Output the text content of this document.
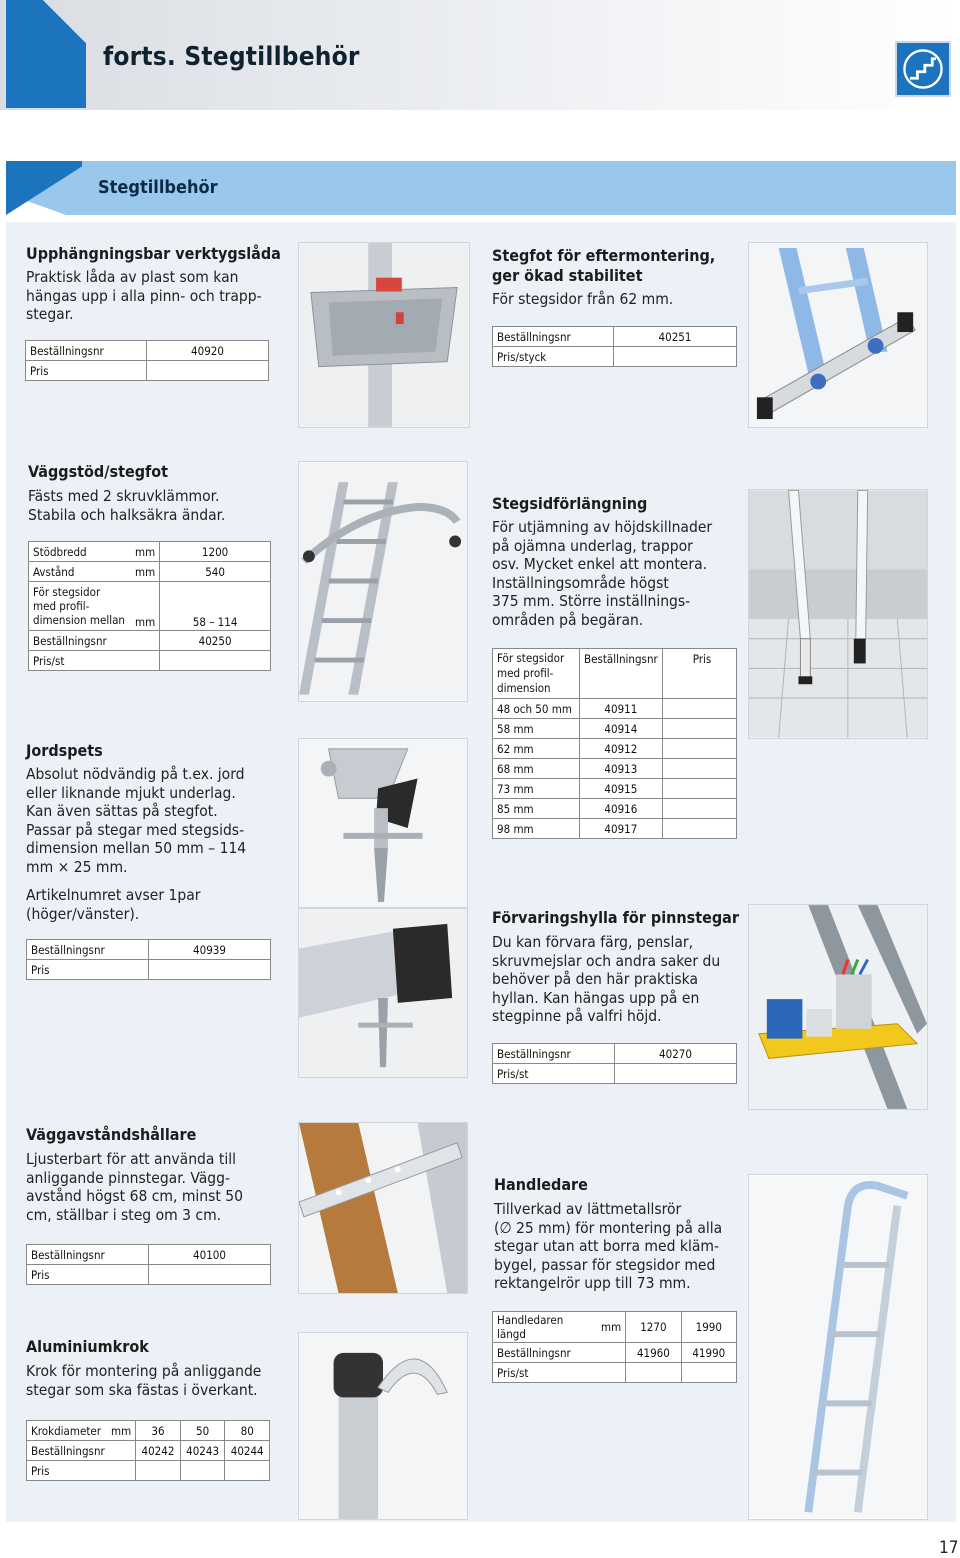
forts. Stegtillbehör
Stegtillbehör
Upphängningsbar verktygslåda
Praktisk låda av plast som kan
hängas upp i alla pinn- och trapp-
stegar.
Beställningsnr	40920
Pris	
Stegfot för eftermontering,
ger ökad stabilitet
För stegsidor från 62 mm.
Beställningsnr	40251
Pris/styck	
Väggstöd/stegfot
Fästs med 2 skruvklämmor.
Stabila och halksäkra ändar.
Stödbredd	mm	1200
Avstånd	mm	540

För stegsidor
med profil-
dimension mellan	mm	58 – 114
Beställningsnr		40250
Pris/st		
Stegsidförlängning
För utjämning av höjdskillnader
på ojämna underlag, trappor
osv. Mycket enkel att montera.
Inställningsområde högst
375 mm. Större inställnings-
områden på begäran.
För stegsidor
med profil-
dimension	Beställningsnr	Pris
48 och 50 mm	40911	
58 mm	40914	
62 mm	40912	
68 mm	40913	
73 mm	40915	
85 mm	40916	
98 mm	40917	
Jordspets
Absolut nödvändig på t.ex. jord
eller liknande mjukt underlag.
Kan även sättas på stegfot.
Passar på stegar med stegsids-
dimension mellan 50 mm – 114
mm × 25 mm.
Artikelnumret avser 1par
(höger/vänster).
Beställningsnr	40939
Pris	
Förvaringshylla för pinnstegar
Du kan förvara färg, penslar,
skruvmejslar och andra saker du
behöver på den här praktiska
hyllan. Kan hängas upp på en
stegpinne på valfri höjd.
Beställningsnr	40270
Pris/st	
Väggavståndshållare
Ljusterbart för att använda till
anliggande pinnstegar. Vägg-
avstånd högst 68 cm, minst 50
cm, ställbar i steg om 3 cm.
Beställningsnr	40100
Pris	
Handledare
Tillverkad av lättmetallsrör
(∅ 25 mm) för montering på alla
stegar utan att borra med kläm-
bygel, passar för stegsidor med
rektangelrör upp till 73 mm.
Handledaren längd	mm	1270	1990
Beställningsnr		41960	41990
Pris/st			
Aluminiumkrok
Krok för montering på anliggande
stegar som ska fästas i överkant.
Krokdiameter	mm	36	50	80
Beställningsnr		40242	40243	40244
Pris				
17
